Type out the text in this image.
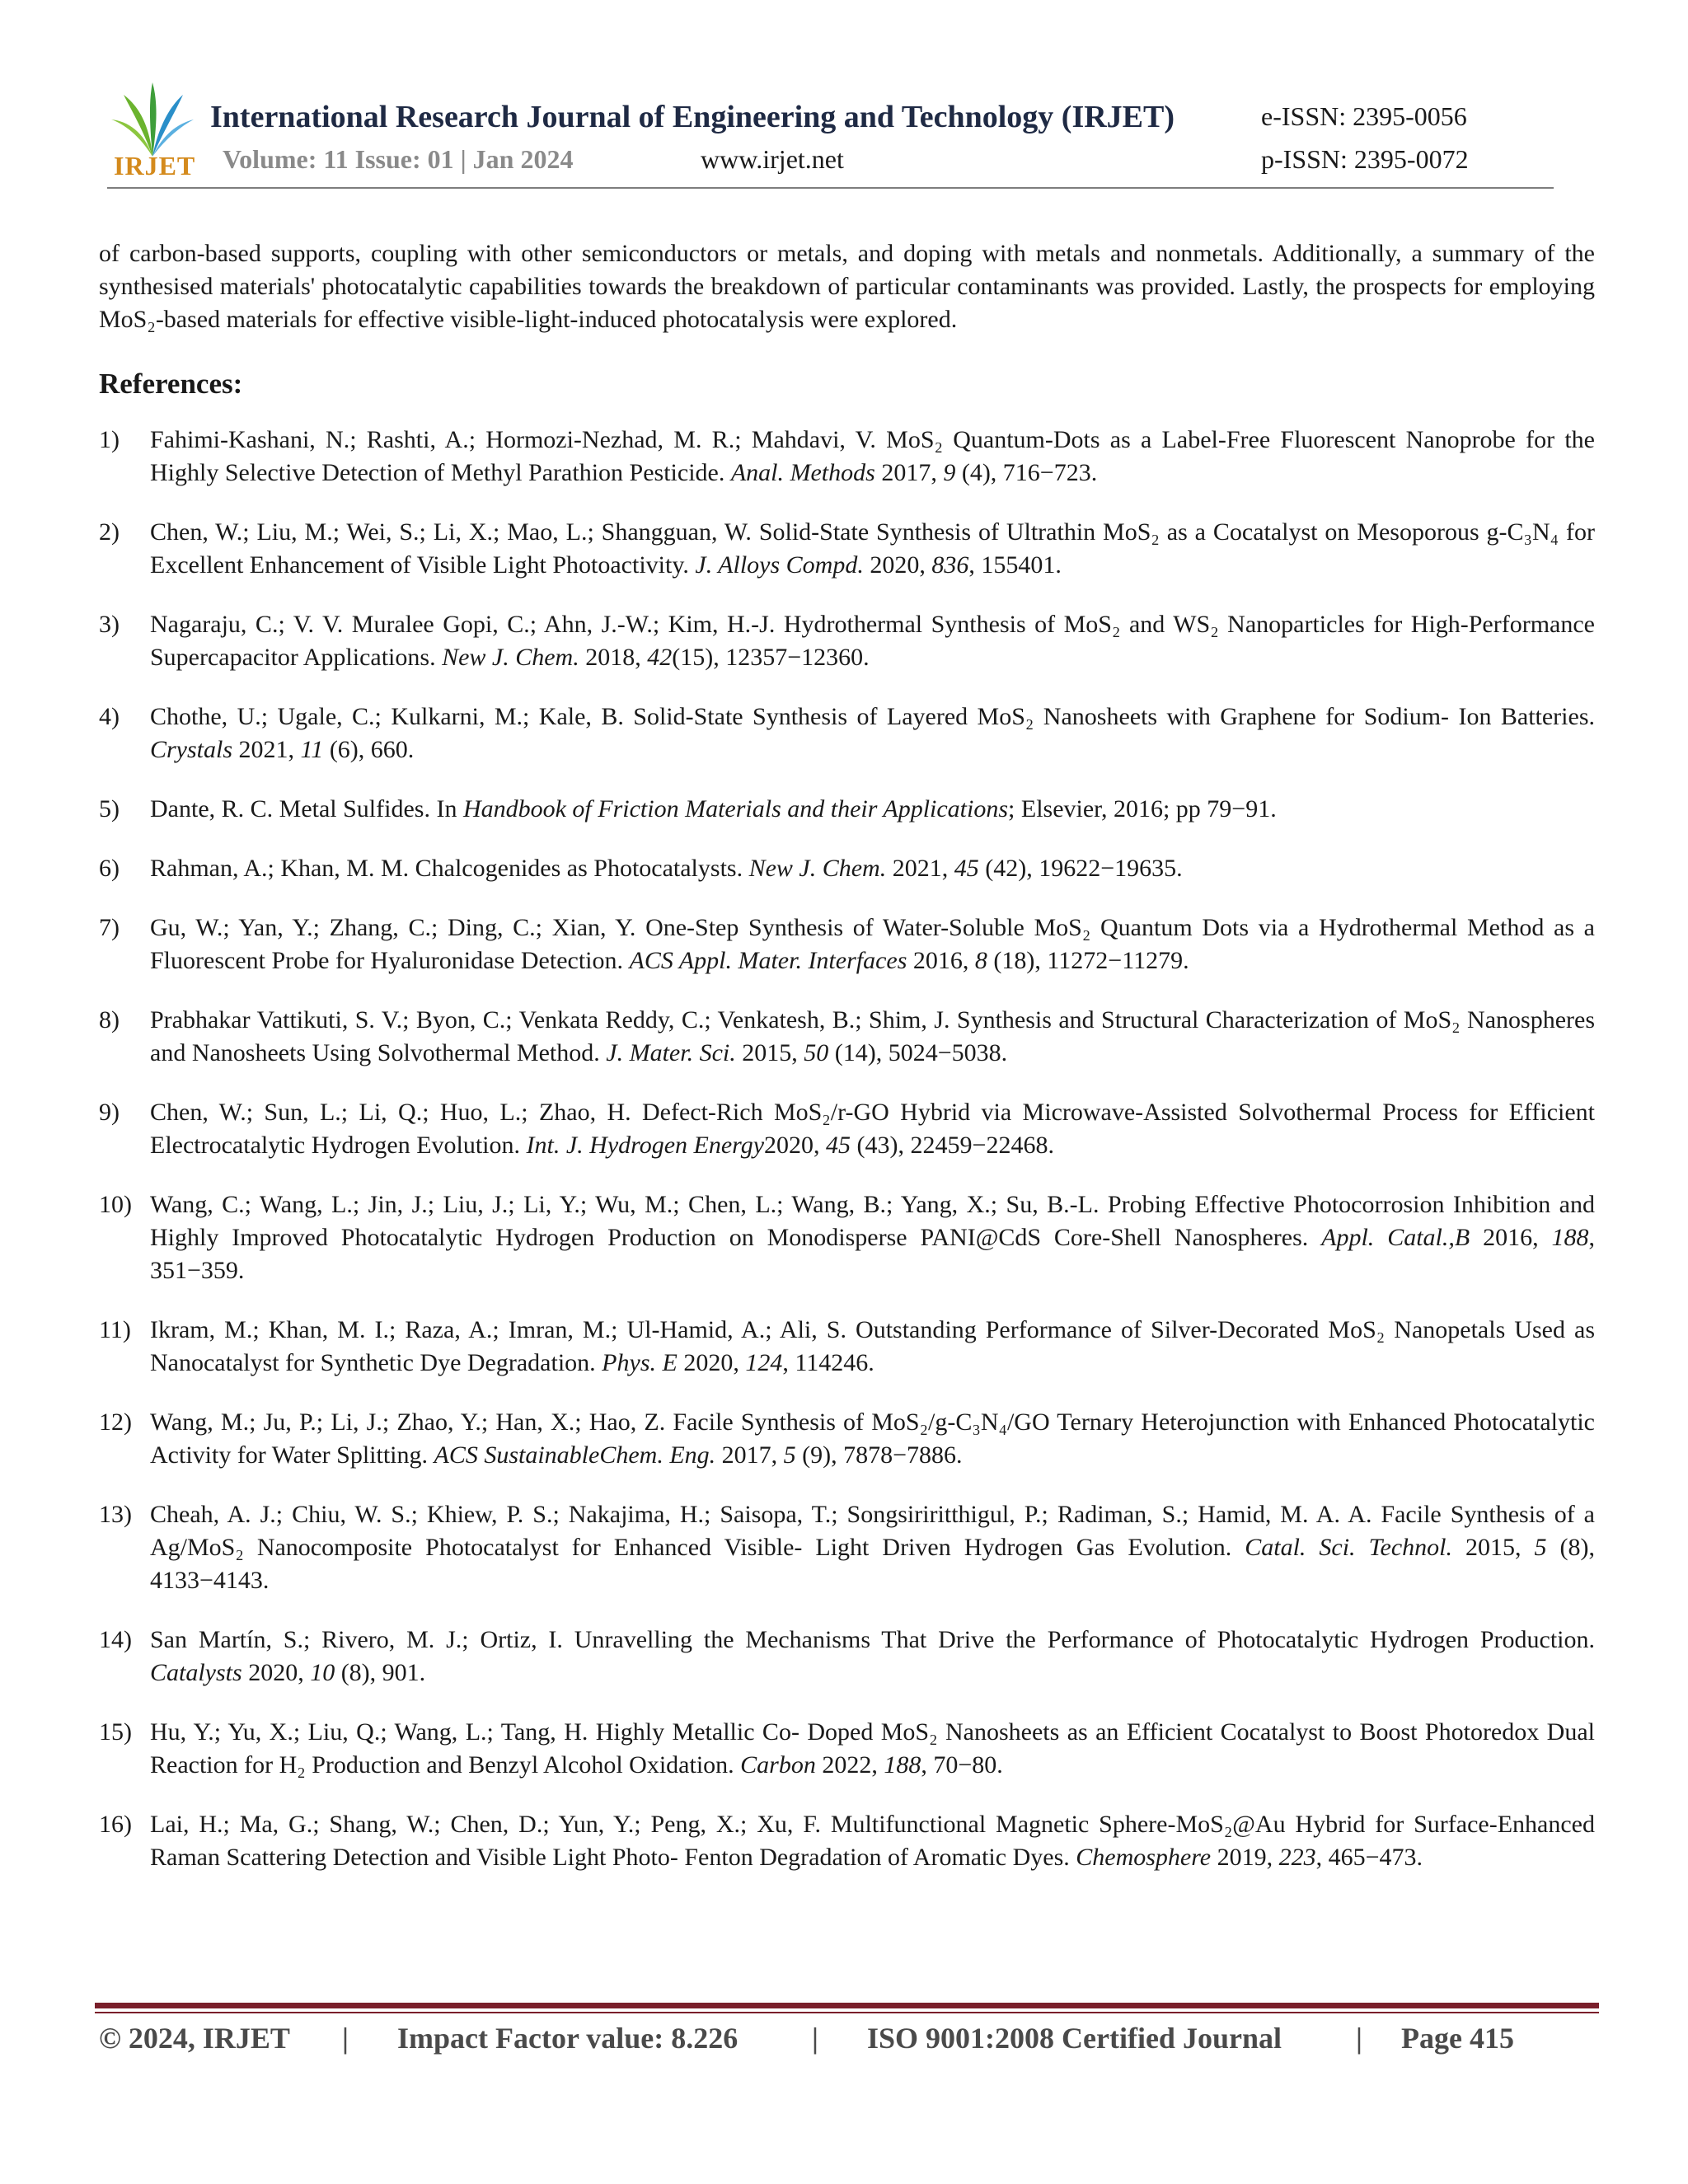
IRJET
International Research Journal of Engineering and Technology (IRJET)
Volume: 11 Issue: 01 | Jan 2024	www.irjet.net
e-ISSN: 2395-0056
p-ISSN: 2395-0072

of carbon-based supports, coupling with other semiconductors or metals, and doping with metals and nonmetals. Additionally, a summary of the synthesised materials' photocatalytic capabilities towards the breakdown of particular contaminants was provided. Lastly, the prospects for employing MoS₂-based materials for effective visible-light-induced photocatalysis were explored.

References:
1)	Fahimi-Kashani, N.; Rashti, A.; Hormozi-Nezhad, M. R.; Mahdavi, V. MoS₂ Quantum-Dots as a Label-Free Fluorescent Nanoprobe for the Highly Selective Detection of Methyl Parathion Pesticide. Anal. Methods 2017, 9 (4), 716−723.
2)	Chen, W.; Liu, M.; Wei, S.; Li, X.; Mao, L.; Shangguan, W. Solid-State Synthesis of Ultrathin MoS₂ as a Cocatalyst on Mesoporous g-C₃N₄ for Excellent Enhancement of Visible Light Photoactivity. J. Alloys Compd. 2020, 836, 155401.
3)	Nagaraju, C.; V. V. Muralee Gopi, C.; Ahn, J.-W.; Kim, H.-J. Hydrothermal Synthesis of MoS₂ and WS₂ Nanoparticles for High-Performance Supercapacitor Applications. New J. Chem. 2018, 42(15), 12357−12360.
4)	Chothe, U.; Ugale, C.; Kulkarni, M.; Kale, B. Solid-State Synthesis of Layered MoS₂ Nanosheets with Graphene for Sodium- Ion Batteries. Crystals 2021, 11 (6), 660.
5)	Dante, R. C. Metal Sulfides. In Handbook of Friction Materials and their Applications; Elsevier, 2016; pp 79−91.
6)	Rahman, A.; Khan, M. M. Chalcogenides as Photocatalysts. New J. Chem. 2021, 45 (42), 19622−19635.
7)	Gu, W.; Yan, Y.; Zhang, C.; Ding, C.; Xian, Y. One-Step Synthesis of Water-Soluble MoS₂ Quantum Dots via a Hydrothermal Method as a Fluorescent Probe for Hyaluronidase Detection. ACS Appl. Mater. Interfaces 2016, 8 (18), 11272−11279.
8)	Prabhakar Vattikuti, S. V.; Byon, C.; Venkata Reddy, C.; Venkatesh, B.; Shim, J. Synthesis and Structural Characterization of MoS₂ Nanospheres and Nanosheets Using Solvothermal Method. J. Mater. Sci. 2015, 50 (14), 5024−5038.
9)	Chen, W.; Sun, L.; Li, Q.; Huo, L.; Zhao, H. Defect-Rich MoS₂/r-GO Hybrid via Microwave-Assisted Solvothermal Process for Efficient Electrocatalytic Hydrogen Evolution. Int. J. Hydrogen Energy2020, 45 (43), 22459−22468.
10) Wang, C.; Wang, L.; Jin, J.; Liu, J.; Li, Y.; Wu, M.; Chen, L.; Wang, B.; Yang, X.; Su, B.-L. Probing Effective Photocorrosion Inhibition and Highly Improved Photocatalytic Hydrogen Production on Monodisperse PANI@CdS Core-Shell Nanospheres. Appl. Catal.,B 2016, 188, 351−359.
11) Ikram, M.; Khan, M. I.; Raza, A.; Imran, M.; Ul-Hamid, A.; Ali, S. Outstanding Performance of Silver-Decorated MoS₂ Nanopetals Used as Nanocatalyst for Synthetic Dye Degradation. Phys. E 2020, 124, 114246.
12) Wang, M.; Ju, P.; Li, J.; Zhao, Y.; Han, X.; Hao, Z. Facile Synthesis of MoS₂/g-C₃N₄/GO Ternary Heterojunction with Enhanced Photocatalytic Activity for Water Splitting. ACS SustainableChem. Eng. 2017, 5 (9), 7878−7886.
13) Cheah, A. J.; Chiu, W. S.; Khiew, P. S.; Nakajima, H.; Saisopa, T.; Songsiriritthigul, P.; Radiman, S.; Hamid, M. A. A. Facile Synthesis of a Ag/MoS₂ Nanocomposite Photocatalyst for Enhanced Visible- Light Driven Hydrogen Gas Evolution. Catal. Sci. Technol. 2015, 5 (8), 4133−4143.
14) San Martín, S.; Rivero, M. J.; Ortiz, I. Unravelling the Mechanisms That Drive the Performance of Photocatalytic Hydrogen Production. Catalysts 2020, 10 (8), 901.
15) Hu, Y.; Yu, X.; Liu, Q.; Wang, L.; Tang, H. Highly Metallic Co- Doped MoS₂ Nanosheets as an Efficient Cocatalyst to Boost Photoredox Dual Reaction for H₂ Production and Benzyl Alcohol Oxidation. Carbon 2022, 188, 70−80.
16) Lai, H.; Ma, G.; Shang, W.; Chen, D.; Yun, Y.; Peng, X.; Xu, F. Multifunctional Magnetic Sphere-MoS₂@Au Hybrid for Surface-Enhanced Raman Scattering Detection and Visible Light Photo- Fenton Degradation of Aromatic Dyes. Chemosphere 2019, 223, 465−473.
© 2024, IRJET | Impact Factor value: 8.226 | ISO 9001:2008 Certified Journal	| Page 415
